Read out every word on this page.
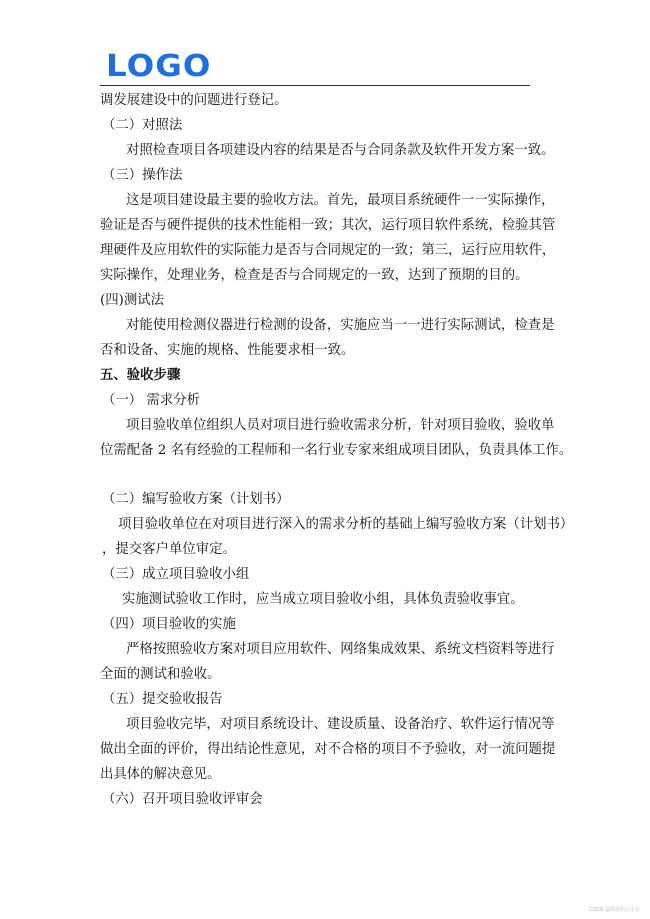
LOGO
调发展建设中的问题进行登记。
（二）对照法
对照检查项目各项建设内容的结果是否与合同条款及软件开发方案一致。
（三）操作法
这是项目建设最主要的验收方法。首先，最项目系统硬件一一实际操作，
验证是否与硬件提供的技术性能相一致；其次，运行项目软件系统，检验其管
理硬件及应用软件的实际能力是否与合同规定的一致；第三，运行应用软件，
实际操作，处理业务，检查是否与合同规定的一致，达到了预期的目的。
(四)测试法
对能使用检测仪器进行检测的设备，实施应当一一进行实际测试，检查是
否和设备、实施的规格、性能要求相一致。
五、验收步骤
（一） 需求分析
项目验收单位组织人员对项目进行验收需求分析，针对项目验收，验收单
位需配备 2 名有经验的工程师和一名行业专家来组成项目团队，负责具体工作。
（二）编写验收方案（计划书）
项目验收单位在对项目进行深入的需求分析的基础上编写验收方案（计划书）
，提交客户单位审定。
（三）成立项目验收小组
实施测试验收工作时，应当成立项目验收小组，具体负责验收事宜。
（四）项目验收的实施
严格按照验收方案对项目应用软件、网络集成效果、系统文档资料等进行
全面的测试和验收。
（五）提交验收报告
项目验收完毕，对项目系统设计、建设质量、设备治疗、软件运行情况等
做出全面的评价，得出结论性意见，对不合格的项目不予验收，对一流问题提
出具体的解决意见。
（六）召开项目验收评审会
CSDN @数据和云平台
